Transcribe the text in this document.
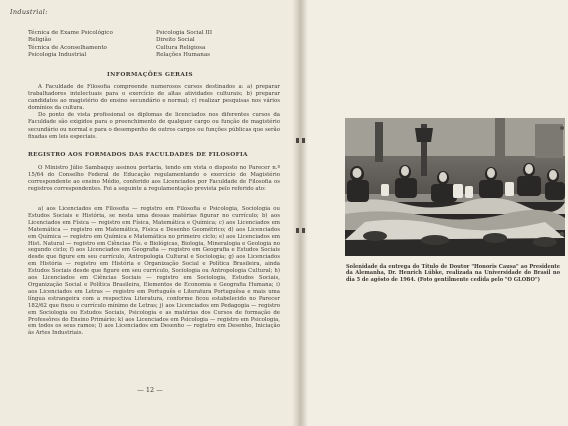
Industrial:
Técnica de Exame Psicológico
Religião
Técnica de Aconselhamento
Psicologia Industrial
Psicologia Social III
Direito Social
Cultura Religiosa
Relações Humanas
INFORMAÇÕES GERAIS

A Faculdade de Filosofia compreende numerosos cursos destinados a: a) preparar trabalhadores intelectuais para o exercício de altas atividades culturais; b) preparar candidatos ao magistério do ensino secundário e normal; c) realizar pesquisas nos vários domínios da cultura.

Do ponto de vista profissional os diplomas de licenciados nos diferentes cursos da Faculdade são exigidos para o preenchimento de qualquer cargo ou função de magistério secundário ou normal e para o desempenho de outros cargos ou funções públicas que serão fixadas em leis especiais.

REGISTRO AOS FORMADOS DAS FACULDADES DE FILOSOFIA

O Ministro Júlio Sambaquy assinou portaria, tendo em vista o disposto no Parecer n.º 15/64 do Conselho Federal de Educação regulamentando o exercício do Magistério correspondente ao ensino Médio, conferido aos Licenciados por Faculdade de Filosofia os registros correspondentes. Foi a seguinte a regulamentação prevista pelo referido ato:

a) aos Licenciados em Filosofia — registro em Filosofia e Psicologia, Sociologia ou Estudos Sociais e História, se nesta uma dessas matérias figurar no currículo; b) aos Licenciados em Física — registro em Física, Matemática e Química; c) aos Licenciados em Matemática — registro em Matemática, Física e Desenho Geométrico; d) aos Licenciados em Química — registro em Química e Matemática no primeiro ciclo; e) aos Licenciados em Hist. Natural — registro em Ciências Fís. e Biológicas, Biologia, Mineralogia e Geologia no segundo ciclo; f) aos Licenciados em Geografia — registro em Geografia e Estudos Sociais desde que figure em seu currículo, Antropologia Cultural e Sociologia; g) aos Licenciados em História — registro em História e Organização Social e Política Brasileira, ainda Estudos Sociais desde que figure em seu currículo, Sociologia ou Antropologia Cultural; h) aos Licenciados em Ciências Sociais — registro em Sociologia, Estudos Sociais, Organização Social e Política Brasileira, Elementos de Economia e Geografia Humana; i) aos Licenciados em Letras — registro em Português e Literatura Portuguêsa e mais uma língua estrangeira com a respectiva Literatura, conforme ficou estabelecido no Parecer 182/62 que fixou o currículo mínimo de Letras; j) aos Licenciados em Pedagogia — registro em Sociologia ou Estudos Sociais, Psicologia e as matérias dos Cursos de formação de Professôres do Ensino Primário; k) aos Licenciados em Psicologia — registro em Psicologia, em todos os seus ramos; l) aos Licenciados em Desenho — registro em Desenho, Iniciação às Artes Industriais.

— 12 —
Solenidade da entrega do Título de Doutor "Honoris Causa" ao Presidente da Alemanha, Dr. Henrich Lübke, realizada na Universidade do Brasil no dia 5 de agôsto de 1964. (Foto gentilmente cedida pelo "O GLOBO")
